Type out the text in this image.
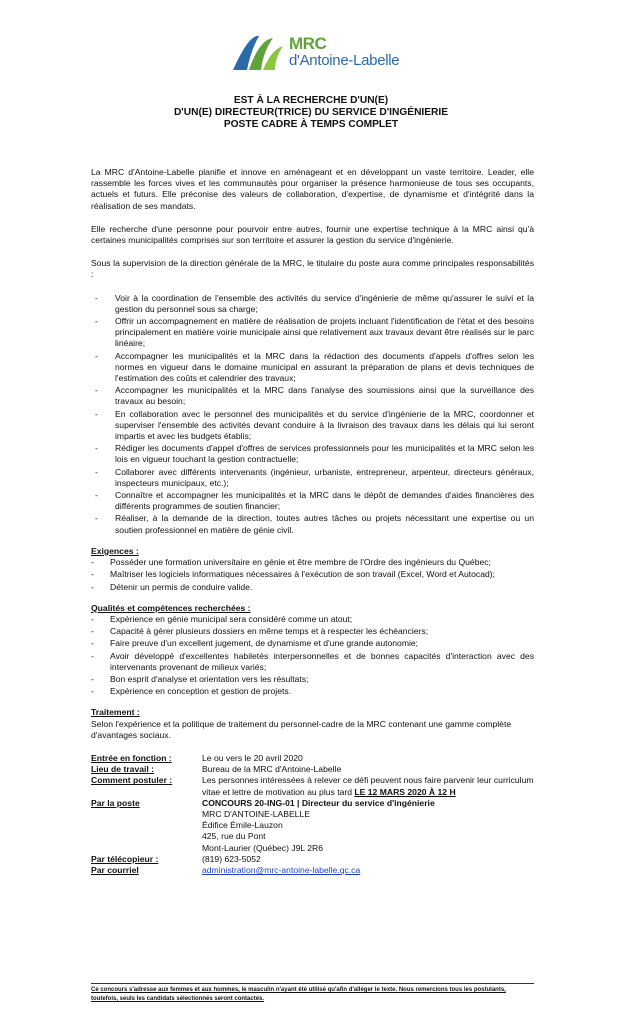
MRC
d'Antoine-Labelle
EST À LA RECHERCHE D'UN(E)
D'UN(E) DIRECTEUR(TRICE) DU SERVICE D'INGÉNIERIE
POSTE CADRE À TEMPS COMPLET

La MRC d'Antoine-Labelle planifie et innove en aménageant et en développant un vaste territoire. Leader, elle rassemble les forces vives et les communautés pour organiser la présence harmonieuse de tous ses occupants, actuels et futurs. Elle préconise des valeurs de collaboration, d'expertise, de dynamisme et d'intégrité dans la réalisation de ses mandats.

Elle recherche d'une personne pour pourvoir entre autres, fournir une expertise technique à la MRC ainsi qu'à certaines municipalités comprises sur son territoire et assurer la gestion du service d'ingénierie.

Sous la supervision de la direction générale de la MRC, le titulaire du poste aura comme principales responsabilités :

- Voir à la coordination de l'ensemble des activités du service d'ingénierie de même qu'assurer le suivi et la gestion du personnel sous sa charge;
- Offrir un accompagnement en matière de réalisation de projets incluant l'identification de l'état et des besoins principalement en matière voirie municipale ainsi que relativement aux travaux devant être réalisés sur le parc linéaire;
- Accompagner les municipalités et la MRC dans la rédaction des documents d'appels d'offres selon les normes en vigueur dans le domaine municipal en assurant la préparation de plans et devis techniques de l'estimation des coûts et calendrier des travaux;
- Accompagner les municipalités et la MRC dans l'analyse des soumissions ainsi que la surveillance des travaux au besoin;
- En collaboration avec le personnel des municipalités et du service d'ingénierie de la MRC, coordonner et superviser l'ensemble des activités devant conduire à la livraison des travaux dans les délais qui lui seront impartis et avec les budgets établis;
- Rédiger les documents d'appel d'offres de services professionnels pour les municipalités et la MRC selon les lois en vigueur touchant la gestion contractuelle;
- Collaborer avec différents intervenants (ingénieur, urbaniste, entrepreneur, arpenteur, directeurs généraux, inspecteurs municipaux, etc.);
- Connaître et accompagner les municipalités et la MRC dans le dépôt de demandes d'aides financières des différents programmes de soutien financier;
- Réaliser, à la demande de la direction, toutes autres tâches ou projets nécessitant une expertise ou un soutien professionnel en matière de génie civil.
Exigences :
- Posséder une formation universitaire en génie et être membre de l'Ordre des ingénieurs du Québec;
- Maîtriser les logiciels informatiques nécessaires à l'exécution de son travail (Excel, Word et Autocad);
- Détenir un permis de conduire valide.
Qualités et compétences recherchées :
- Expérience en génie municipal sera considéré comme un atout;
- Capacité à gérer plusieurs dossiers en même temps et à respecter les échéanciers;
- Faire preuve d'un excellent jugement, de dynamisme et d'une grande autonomie;
- Avoir développé d'excellentes habiletés interpersonnelles et de bonnes capacités d'interaction avec des intervenants provenant de milieux variés;
- Bon esprit d'analyse et orientation vers les résultats;
- Expérience en conception et gestion de projets.
Traitement :
Selon l'expérience et la politique de traitement du personnel-cadre de la MRC contenant une gamme complète d'avantages sociaux.
Entrée en fonction :	Le ou vers le 20 avril 2020
Lieu de travail :	Bureau de la MRC d'Antoine-Labelle
Comment postuler :	Les personnes intéressées à relever ce défi peuvent nous faire parvenir leur curriculum vitae et lettre de motivation au plus tard LE 12 MARS 2020 À 12 H
Par la poste	CONCOURS 20-ING-01 | Directeur du service d'ingénierie
MRC D'ANTOINE-LABELLE
Édifice Émile-Lauzon
425, rue du Pont
Mont-Laurier (Québec) J9L 2R6

Par télécopieur :	(819) 623-5052
Par courriel	administration@mrc-antoine-labelle.qc.ca
Ce concours s'adresse aux femmes et aux hommes, le masculin n'ayant été utilisé qu'afin d'alléger le texte. Nous remercions tous les postulants, toutefois, seuls les candidats sélectionnés seront contactés.
